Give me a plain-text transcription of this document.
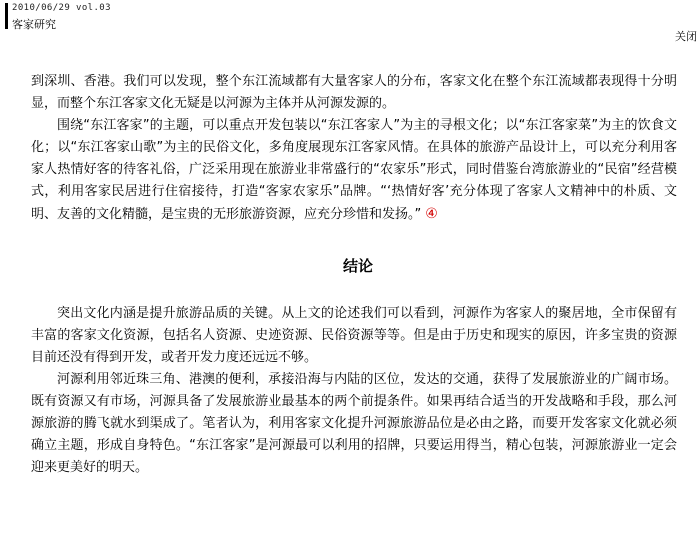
2010/06/29 vol.03
客家研究
关闭

到深圳、香港。我们可以发现，整个东江流域都有大量客家人的分布，客家文化在整个东江流域都表现得十分明显，而整个东江客家文化无疑是以河源为主体并从河源发源的。

围绕“东江客家”的主题，可以重点开发包装以“东江客家人”为主的寻根文化；以“东江客家菜”为主的饮食文化；以“东江客家山歌”为主的民俗文化，多角度展现东江客家风情。在具体的旅游产品设计上，可以充分利用客家人热情好客的待客礼俗，广泛采用现在旅游业非常盛行的“农家乐”形式，同时借鉴台湾旅游业的“民宿”经营模式，利用客家民居进行住宿接待，打造“客家农家乐”品牌。“‘热情好客’充分体现了客家人文精神中的朴质、文明、友善的文化精髓，是宝贵的无形旅游资源，应充分珍惜和发扬。” ④

结论

突出文化内涵是提升旅游品质的关键。从上文的论述我们可以看到，河源作为客家人的聚居地，全市保留有丰富的客家文化资源，包括名人资源、史迹资源、民俗资源等等。但是由于历史和现实的原因，许多宝贵的资源目前还没有得到开发，或者开发力度还远远不够。

河源利用邻近珠三角、港澳的便利，承接沿海与内陆的区位，发达的交通，获得了发展旅游业的广阔市场。既有资源又有市场，河源具备了发展旅游业最基本的两个前提条件。如果再结合适当的开发战略和手段，那么河源旅游的腾飞就水到渠成了。笔者认为，利用客家文化提升河源旅游品位是必由之路，而要开发客家文化就必须确立主题，形成自身特色。“东江客家”是河源最可以利用的招牌，只要运用得当，精心包装，河源旅游业一定会迎来更美好的明天。
